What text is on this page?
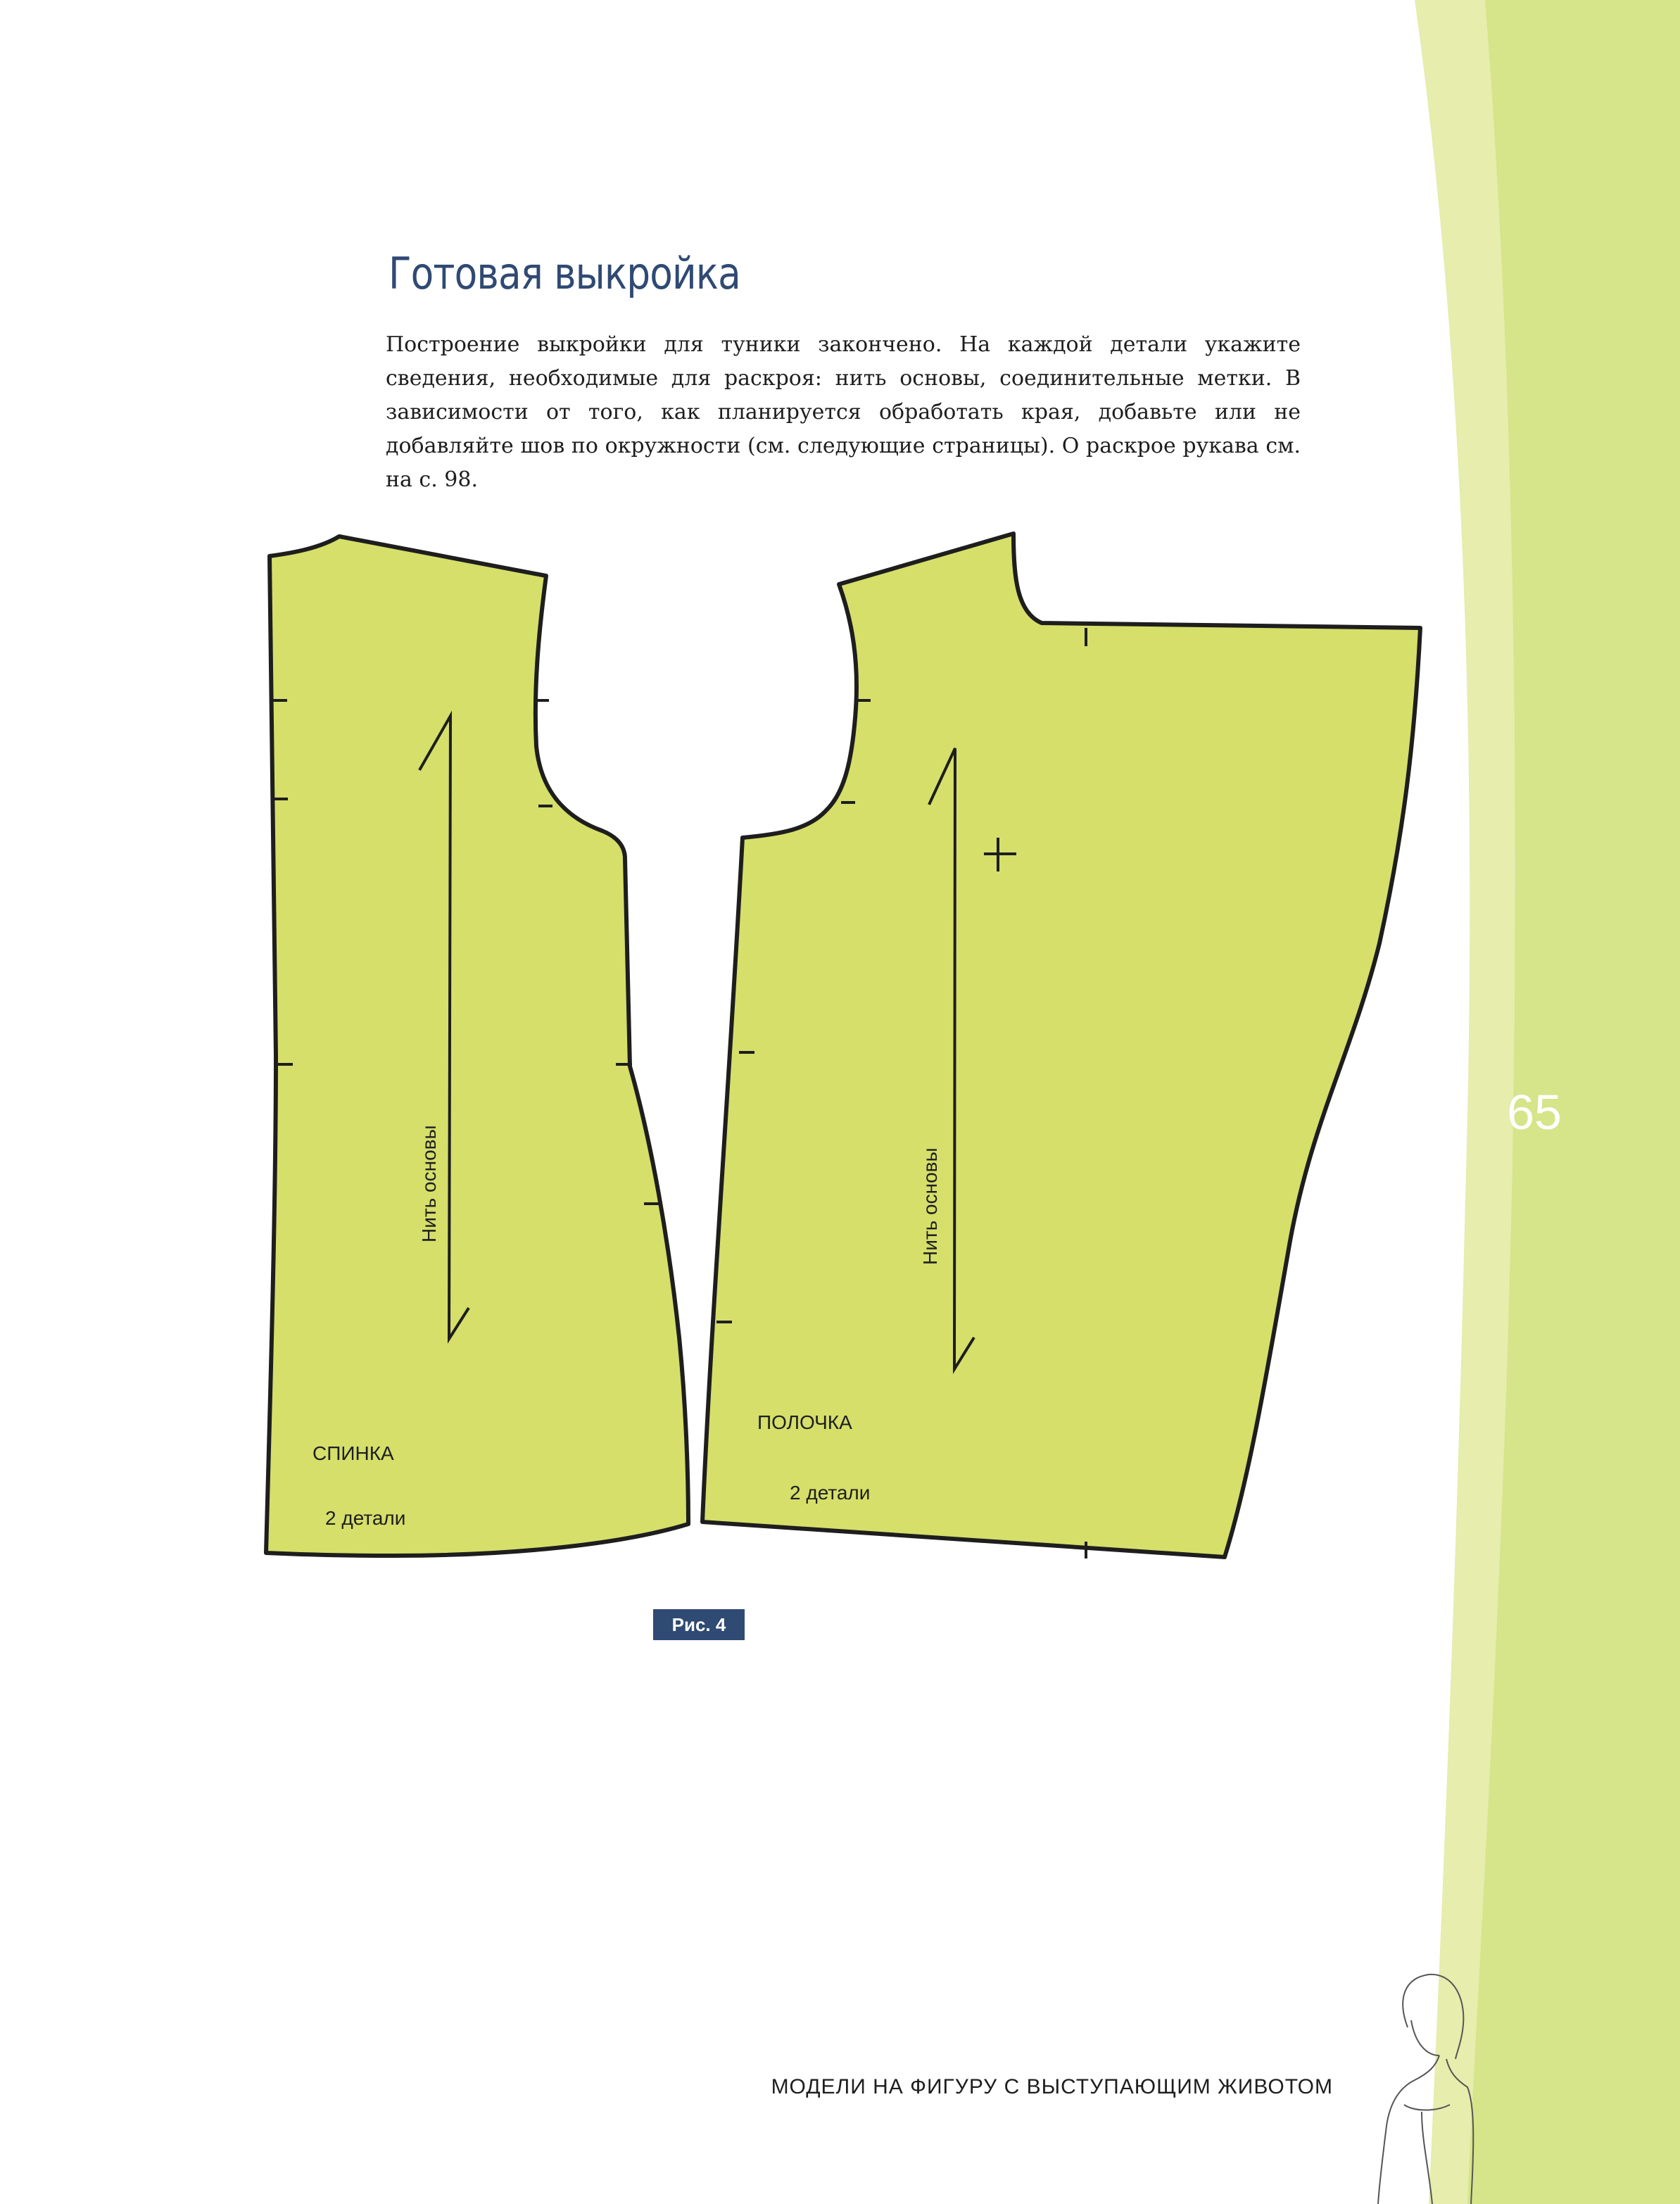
СПИНКА
2 детали
ПОЛОЧКА
2 детали
Нить основы	Нить основы
Готовая выкройка

Построение выкройки для туники закончено. На каждой детали укажите сведения, необходимые для раскроя: нить основы, соединительные метки. В зависимости от того, как планируется обработать края, добавьте или не добавляйте шов по окружности (см. следующие страницы). О раскрое рукава см. на с. 98.

Рис. 4
65
МОДЕЛИ НА ФИГУРУ С ВЫСТУПАЮЩИМ ЖИВОТОМ
